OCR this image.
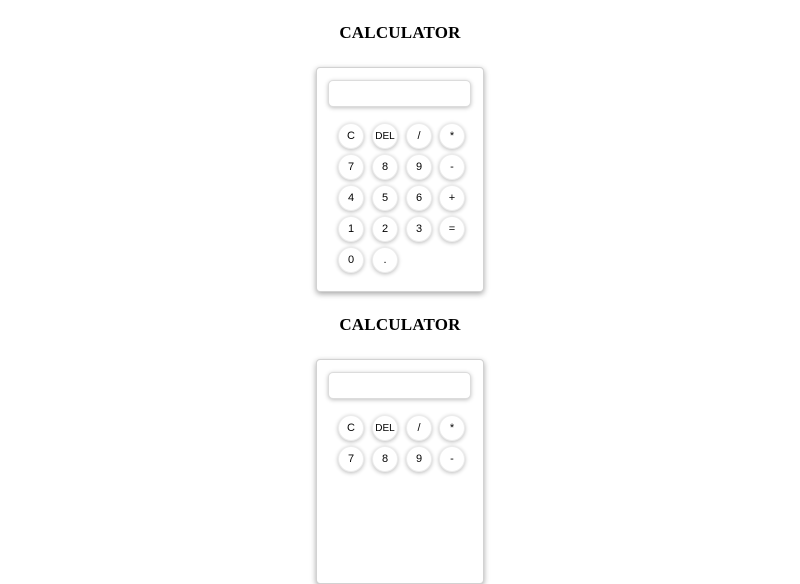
CALCULATOR
C	DEL	/	*
7	8	9	-
4	5	6	+
1	2	3	=
0	.
CALCULATOR
C	DEL	/	*
7	8	9	-
